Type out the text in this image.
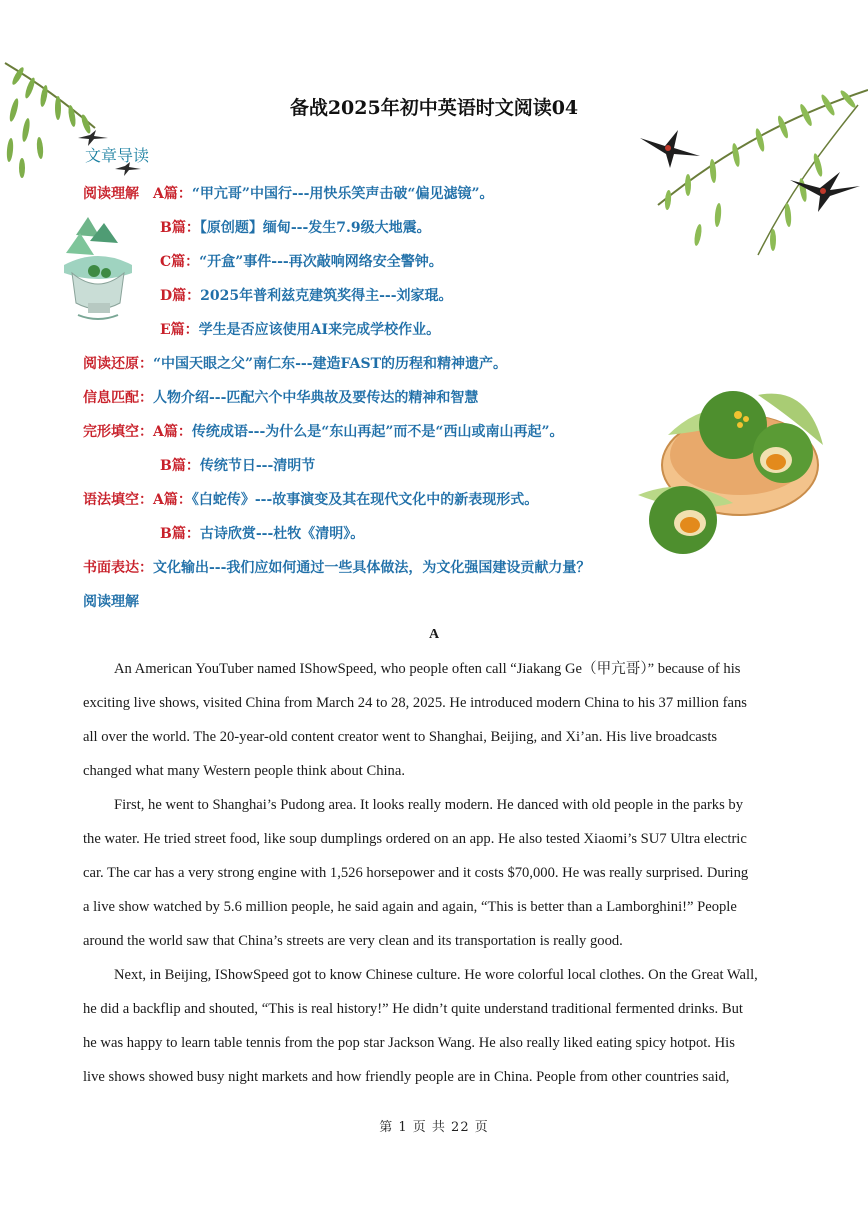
备战2025年初中英语时文阅读04
文章导读
阅读理解 A篇：“甲亢哥”中国行---用快乐笑声击破“偏见滤镜”。
B篇：【原创题】缅甸---发生7.9级大地震。
C篇：“开盒”事件---再次敲响网络安全警钟。
D篇：2025年普利兹克建筑奖得主---刘家琨。
E篇：学生是否应该使用AI来完成学校作业。
阅读还原：“中国天眼之父”南仁东---建造FAST的历程和精神遗产。
信息匹配：人物介绍---匹配六个中华典故及要传达的精神和智慧
完形填空：A篇：传统成语---为什么是“东山再起”而不是“西山或南山再起”。
B篇：传统节日---清明节
语法填空：A篇：《白蛇传》---故事演变及其在现代文化中的新表现形式。
B篇：古诗欣赏---杜牧《清明》。
书面表达：文化输出---我们应如何通过一些具体做法，为文化强国建设贡献力量？
阅读理解
A
An American YouTuber named IShowSpeed, who people often call “Jiakang Ge（甲亢哥）” because of his
exciting live shows, visited China from March 24 to 28, 2025. He introduced modern China to his 37 million fans
all over the world. The 20-year-old content creator went to Shanghai, Beijing, and Xi’an. His live broadcasts
changed what many Western people think about China.
First, he went to Shanghai’s Pudong area. It looks really modern. He danced with old people in the parks by
the water. He tried street food, like soup dumplings ordered on an app. He also tested Xiaomi’s SU7 Ultra electric
car. The car has a very strong engine with 1,526 horsepower and it costs $70,000. He was really surprised. During
a live show watched by 5.6 million people, he said again and again, “This is better than a Lamborghini!” People
around the world saw that China’s streets are very clean and its transportation is really good.
Next, in Beijing, IShowSpeed got to know Chinese culture. He wore colorful local clothes. On the Great Wall,
he did a backflip and shouted, “This is real history!” He didn’t quite understand traditional fermented drinks. But
he was happy to learn table tennis from the pop star Jackson Wang. He also really liked eating spicy hotpot. His
live shows showed busy night markets and how friendly people are in China. People from other countries said,
第 1 页 共 22 页
